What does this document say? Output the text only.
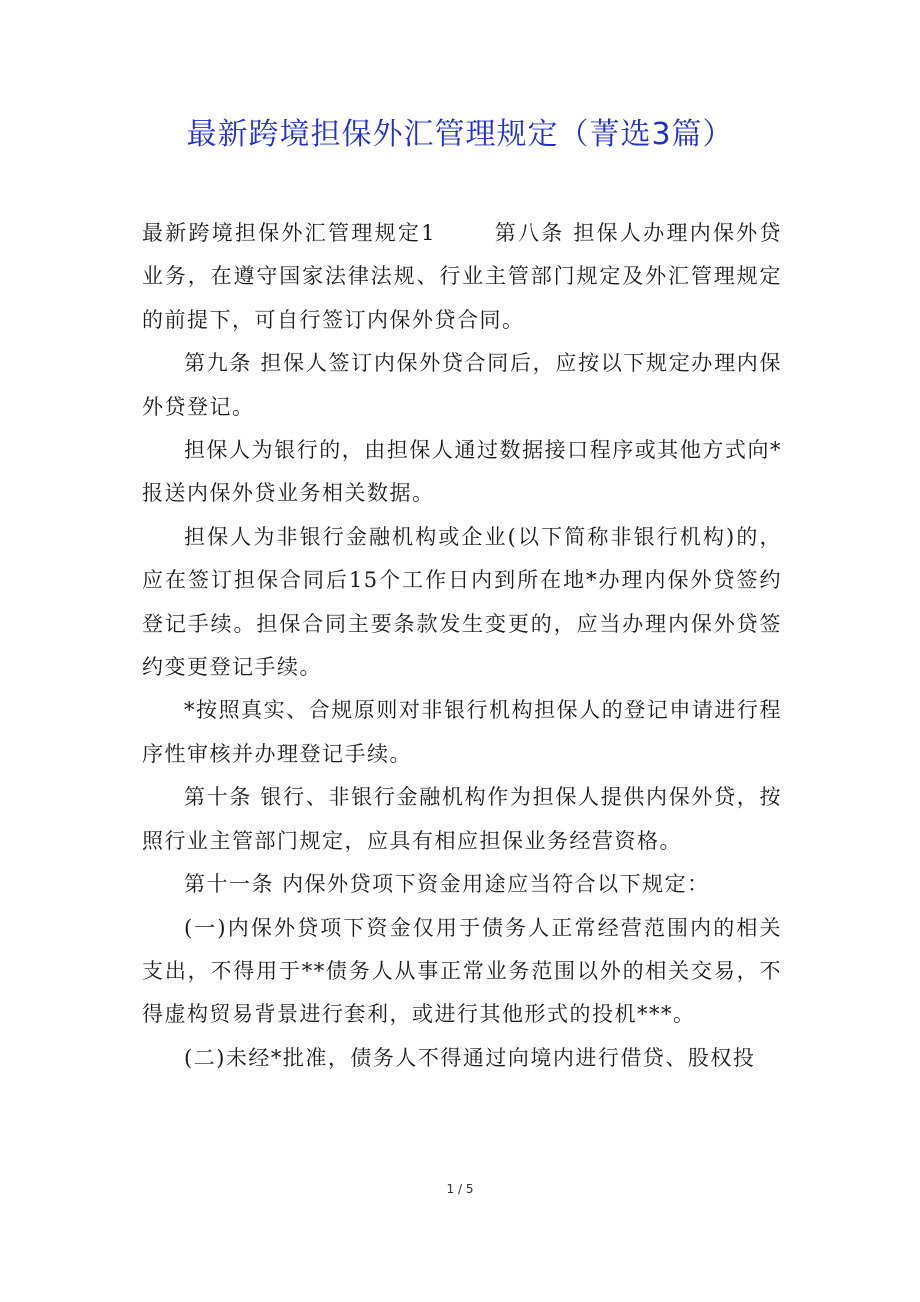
最新跨境担保外汇管理规定（菁选3篇）

最新跨境担保外汇管理规定1	第八条 担保人办理内保外贷业务，在遵守国家法律法规、行业主管部门规定及外汇管理规定的前提下，可自行签订内保外贷合同。

第九条 担保人签订内保外贷合同后，应按以下规定办理内保外贷登记。

担保人为银行的，由担保人通过数据接口程序或其他方式向*报送内保外贷业务相关数据。

担保人为非银行金融机构或企业(以下简称非银行机构)的，应在签订担保合同后15个工作日内到所在地*办理内保外贷签约登记手续。担保合同主要条款发生变更的，应当办理内保外贷签约变更登记手续。

*按照真实、合规原则对非银行机构担保人的登记申请进行程序性审核并办理登记手续。

第十条 银行、非银行金融机构作为担保人提供内保外贷，按照行业主管部门规定，应具有相应担保业务经营资格。

第十一条 内保外贷项下资金用途应当符合以下规定：

(一)内保外贷项下资金仅用于债务人正常经营范围内的相关支出，不得用于**债务人从事正常业务范围以外的相关交易，不得虚构贸易背景进行套利，或进行其他形式的投机***。

(二)未经*批准，债务人不得通过向境内进行借贷、股权投

1 / 5
